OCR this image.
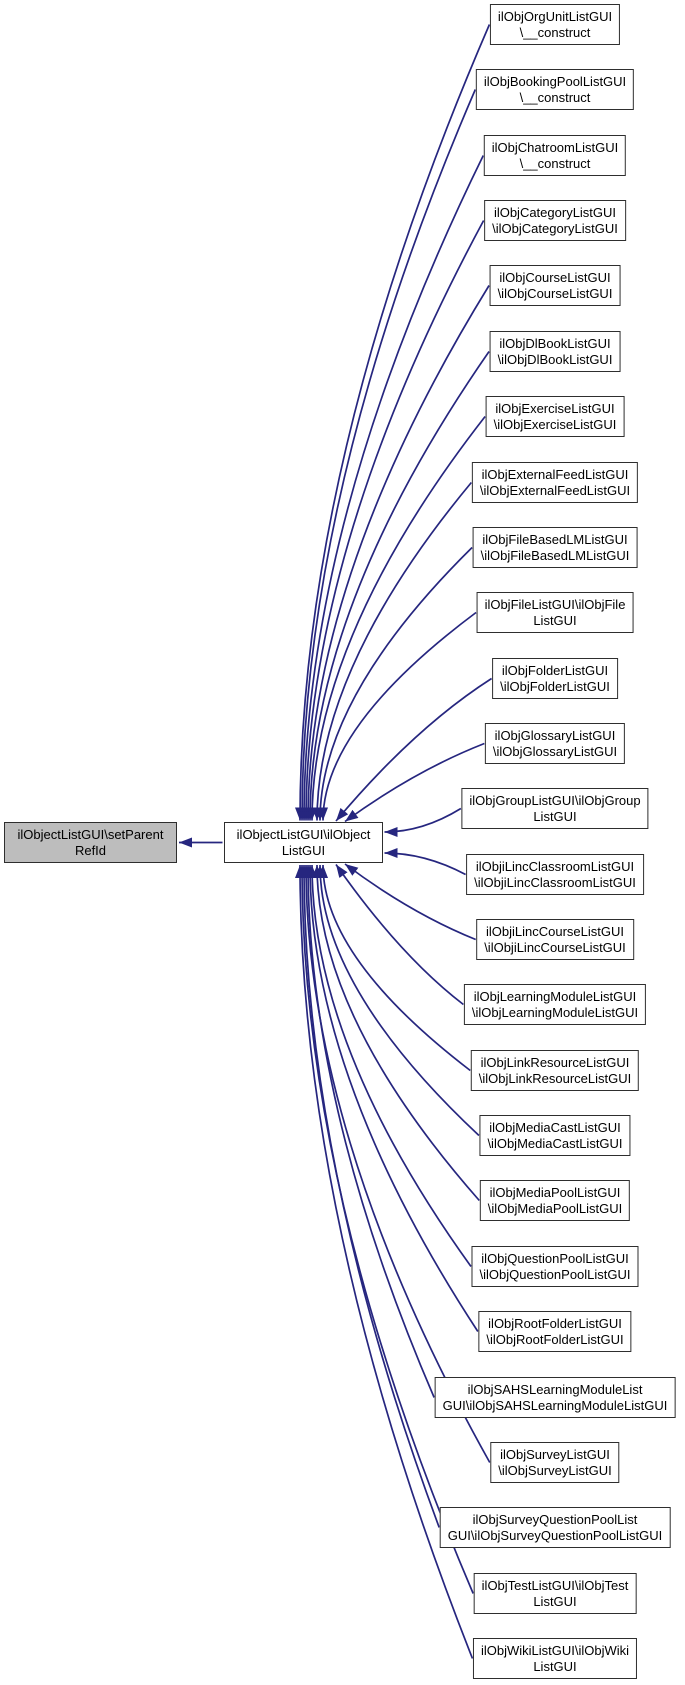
ilObjectListGUI\setParent
RefId
ilObjectListGUI\ilObject
ListGUI
ilObjOrgUnitListGUI
\__construct
ilObjBookingPoolListGUI
\__construct
ilObjChatroomListGUI
\__construct
ilObjCategoryListGUI
\ilObjCategoryListGUI
ilObjCourseListGUI
\ilObjCourseListGUI
ilObjDlBookListGUI
\ilObjDlBookListGUI
ilObjExerciseListGUI
\ilObjExerciseListGUI
ilObjExternalFeedListGUI
\ilObjExternalFeedListGUI
ilObjFileBasedLMListGUI
\ilObjFileBasedLMListGUI
ilObjFileListGUI\ilObjFile
ListGUI
ilObjFolderListGUI
\ilObjFolderListGUI
ilObjGlossaryListGUI
\ilObjGlossaryListGUI
ilObjGroupListGUI\ilObjGroup
ListGUI
ilObjiLincClassroomListGUI
\ilObjiLincClassroomListGUI
ilObjiLincCourseListGUI
\ilObjiLincCourseListGUI
ilObjLearningModuleListGUI
\ilObjLearningModuleListGUI
ilObjLinkResourceListGUI
\ilObjLinkResourceListGUI
ilObjMediaCastListGUI
\ilObjMediaCastListGUI
ilObjMediaPoolListGUI
\ilObjMediaPoolListGUI
ilObjQuestionPoolListGUI
\ilObjQuestionPoolListGUI
ilObjRootFolderListGUI
\ilObjRootFolderListGUI
ilObjSAHSLearningModuleList
GUI\ilObjSAHSLearningModuleListGUI
ilObjSurveyListGUI
\ilObjSurveyListGUI
ilObjSurveyQuestionPoolList
GUI\ilObjSurveyQuestionPoolListGUI
ilObjTestListGUI\ilObjTest
ListGUI
ilObjWikiListGUI\ilObjWiki
ListGUI
